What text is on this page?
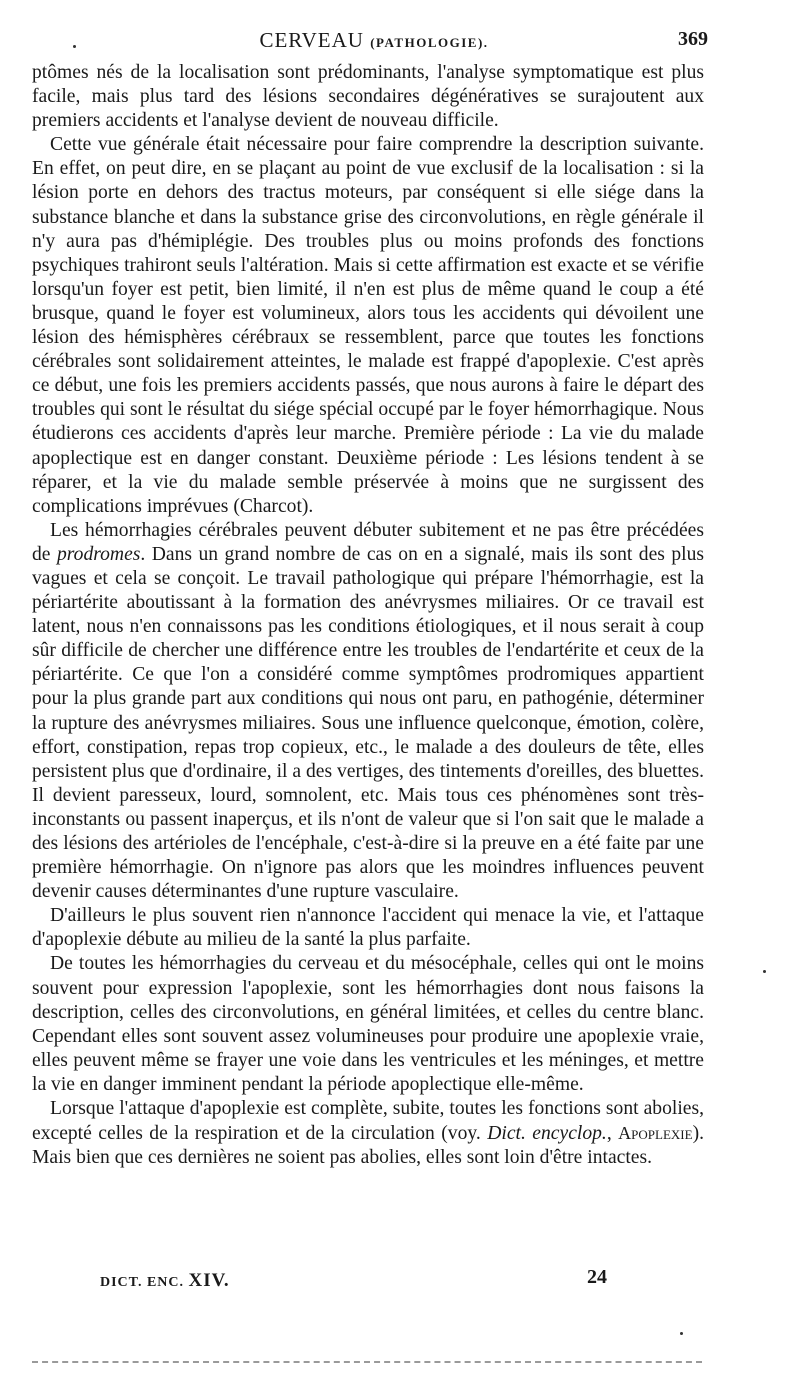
CERVEAU (PATHOLOGIE).	369

ptômes nés de la localisation sont prédominants, l'analyse symptomatique est plus facile, mais plus tard des lésions secondaires dégénératives se surajoutent aux premiers accidents et l'analyse devient de nouveau difficile.

Cette vue générale était nécessaire pour faire comprendre la description suivante. En effet, on peut dire, en se plaçant au point de vue exclusif de la localisation : si la lésion porte en dehors des tractus moteurs, par conséquent si elle siége dans la substance blanche et dans la substance grise des circonvolutions, en règle générale il n'y aura pas d'hémiplégie. Des troubles plus ou moins profonds des fonctions psychiques trahiront seuls l'altération. Mais si cette affirmation est exacte et se vérifie lorsqu'un foyer est petit, bien limité, il n'en est plus de même quand le coup a été brusque, quand le foyer est volumineux, alors tous les accidents qui dévoilent une lésion des hémisphères cérébraux se ressemblent, parce que toutes les fonctions cérébrales sont solidairement atteintes, le malade est frappé d'apoplexie. C'est après ce début, une fois les premiers accidents passés, que nous aurons à faire le départ des troubles qui sont le résultat du siége spécial occupé par le foyer hémorrhagique. Nous étudierons ces accidents d'après leur marche. Première période : La vie du malade apoplectique est en danger constant. Deuxième période : Les lésions tendent à se réparer, et la vie du malade semble préservée à moins que ne surgissent des complications imprévues (Charcot).

Les hémorrhagies cérébrales peuvent débuter subitement et ne pas être précédées de prodromes. Dans un grand nombre de cas on en a signalé, mais ils sont des plus vagues et cela se conçoit. Le travail pathologique qui prépare l'hémorrhagie, est la périartérite aboutissant à la formation des anévrysmes miliaires. Or ce travail est latent, nous n'en connaissons pas les conditions étiologiques, et il nous serait à coup sûr difficile de chercher une différence entre les troubles de l'endartérite et ceux de la périartérite. Ce que l'on a considéré comme symptômes prodromiques appartient pour la plus grande part aux conditions qui nous ont paru, en pathogénie, déterminer la rupture des anévrysmes miliaires. Sous une influence quelconque, émotion, colère, effort, constipation, repas trop copieux, etc., le malade a des douleurs de tête, elles persistent plus que d'ordinaire, il a des vertiges, des tintements d'oreilles, des bluettes. Il devient paresseux, lourd, somnolent, etc. Mais tous ces phénomènes sont très-inconstants ou passent inaperçus, et ils n'ont de valeur que si l'on sait que le malade a des lésions des artérioles de l'encéphale, c'est-à-dire si la preuve en a été faite par une première hémorrhagie. On n'ignore pas alors que les moindres influences peuvent devenir causes déterminantes d'une rupture vasculaire.

D'ailleurs le plus souvent rien n'annonce l'accident qui menace la vie, et l'attaque d'apoplexie débute au milieu de la santé la plus parfaite.

De toutes les hémorrhagies du cerveau et du mésocéphale, celles qui ont le moins souvent pour expression l'apoplexie, sont les hémorrhagies dont nous faisons la description, celles des circonvolutions, en général limitées, et celles du centre blanc. Cependant elles sont souvent assez volumineuses pour produire une apoplexie vraie, elles peuvent même se frayer une voie dans les ventricules et les méninges, et mettre la vie en danger imminent pendant la période apoplectique elle-même.

Lorsque l'attaque d'apoplexie est complète, subite, toutes les fonctions sont abolies, excepté celles de la respiration et de la circulation (voy. Dict. encyclop., Apoplexie). Mais bien que ces dernières ne soient pas abolies, elles sont loin d'être intactes.

DICT. ENC. XIV.	24
